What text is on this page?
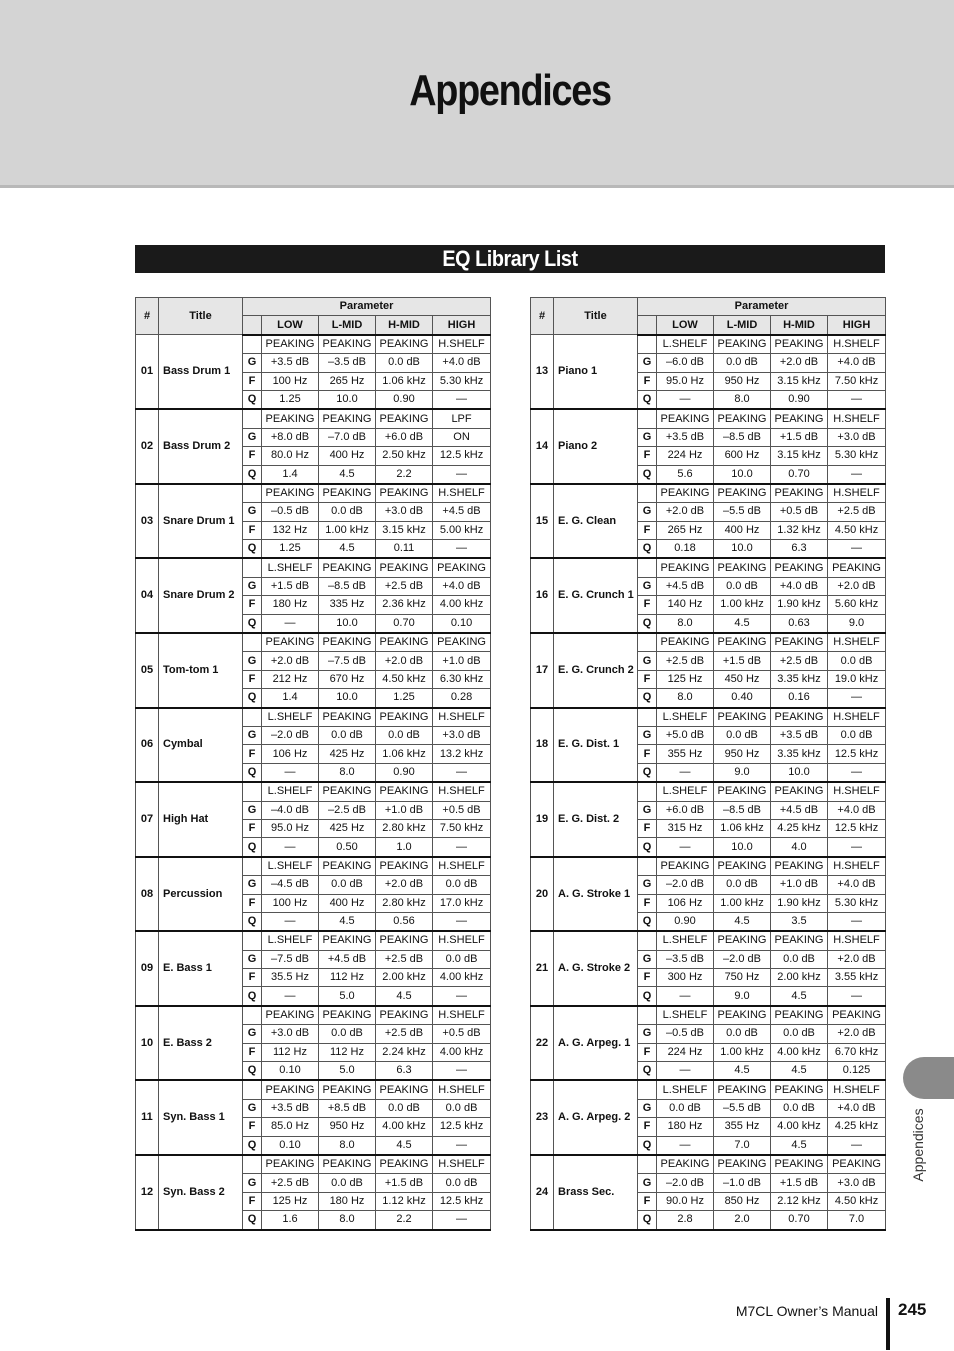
Appendices
EQ Library List
#	Title	Parameter				
			LOW	L-MID	H-MID	HIGH
01	Bass Drum 1		PEAKING	PEAKING	PEAKING	H.SHELF
		G	+3.5 dB	–3.5 dB	0.0 dB	+4.0 dB
		F	100 Hz	265 Hz	1.06 kHz	5.30 kHz
		Q	1.25	10.0	0.90	—
02	Bass Drum 2		PEAKING	PEAKING	PEAKING	LPF
		G	+8.0 dB	–7.0 dB	+6.0 dB	ON
		F	80.0 Hz	400 Hz	2.50 kHz	12.5 kHz
		Q	1.4	4.5	2.2	—
03	Snare Drum 1		PEAKING	PEAKING	PEAKING	H.SHELF
		G	–0.5 dB	0.0 dB	+3.0 dB	+4.5 dB
		F	132 Hz	1.00 kHz	3.15 kHz	5.00 kHz
		Q	1.25	4.5	0.11	—
04	Snare Drum 2		L.SHELF	PEAKING	PEAKING	PEAKING
		G	+1.5 dB	–8.5 dB	+2.5 dB	+4.0 dB
		F	180 Hz	335 Hz	2.36 kHz	4.00 kHz
		Q	—	10.0	0.70	0.10
05	Tom-tom 1		PEAKING	PEAKING	PEAKING	PEAKING
		G	+2.0 dB	–7.5 dB	+2.0 dB	+1.0 dB
		F	212 Hz	670 Hz	4.50 kHz	6.30 kHz
		Q	1.4	10.0	1.25	0.28
06	Cymbal		L.SHELF	PEAKING	PEAKING	H.SHELF
		G	–2.0 dB	0.0 dB	0.0 dB	+3.0 dB
		F	106 Hz	425 Hz	1.06 kHz	13.2 kHz
		Q	—	8.0	0.90	—
07	High Hat		L.SHELF	PEAKING	PEAKING	H.SHELF
		G	–4.0 dB	–2.5 dB	+1.0 dB	+0.5 dB
		F	95.0 Hz	425 Hz	2.80 kHz	7.50 kHz
		Q	—	0.50	1.0	—
08	Percussion		L.SHELF	PEAKING	PEAKING	H.SHELF
		G	–4.5 dB	0.0 dB	+2.0 dB	0.0 dB
		F	100 Hz	400 Hz	2.80 kHz	17.0 kHz
		Q	—	4.5	0.56	—
09	E. Bass 1		L.SHELF	PEAKING	PEAKING	H.SHELF
		G	–7.5 dB	+4.5 dB	+2.5 dB	0.0 dB
		F	35.5 Hz	112 Hz	2.00 kHz	4.00 kHz
		Q	—	5.0	4.5	—
10	E. Bass 2		PEAKING	PEAKING	PEAKING	H.SHELF
		G	+3.0 dB	0.0 dB	+2.5 dB	+0.5 dB
		F	112 Hz	112 Hz	2.24 kHz	4.00 kHz
		Q	0.10	5.0	6.3	—
11	Syn. Bass 1		PEAKING	PEAKING	PEAKING	H.SHELF
		G	+3.5 dB	+8.5 dB	0.0 dB	0.0 dB
		F	85.0 Hz	950 Hz	4.00 kHz	12.5 kHz
		Q	0.10	8.0	4.5	—
12	Syn. Bass 2		PEAKING	PEAKING	PEAKING	H.SHELF
		G	+2.5 dB	0.0 dB	+1.5 dB	0.0 dB
		F	125 Hz	180 Hz	1.12 kHz	12.5 kHz
		Q	1.6	8.0	2.2	—
#	Title	Parameter				
			LOW	L-MID	H-MID	HIGH
13	Piano 1		L.SHELF	PEAKING	PEAKING	H.SHELF
		G	–6.0 dB	0.0 dB	+2.0 dB	+4.0 dB
		F	95.0 Hz	950 Hz	3.15 kHz	7.50 kHz
		Q	—	8.0	0.90	—
14	Piano 2		PEAKING	PEAKING	PEAKING	H.SHELF
		G	+3.5 dB	–8.5 dB	+1.5 dB	+3.0 dB
		F	224 Hz	600 Hz	3.15 kHz	5.30 kHz
		Q	5.6	10.0	0.70	—
15	E. G. Clean		PEAKING	PEAKING	PEAKING	H.SHELF
		G	+2.0 dB	–5.5 dB	+0.5 dB	+2.5 dB
		F	265 Hz	400 Hz	1.32 kHz	4.50 kHz
		Q	0.18	10.0	6.3	—
16	E. G. Crunch 1		PEAKING	PEAKING	PEAKING	PEAKING
		G	+4.5 dB	0.0 dB	+4.0 dB	+2.0 dB
		F	140 Hz	1.00 kHz	1.90 kHz	5.60 kHz
		Q	8.0	4.5	0.63	9.0
17	E. G. Crunch 2		PEAKING	PEAKING	PEAKING	H.SHELF
		G	+2.5 dB	+1.5 dB	+2.5 dB	0.0 dB
		F	125 Hz	450 Hz	3.35 kHz	19.0 kHz
		Q	8.0	0.40	0.16	—
18	E. G. Dist. 1		L.SHELF	PEAKING	PEAKING	H.SHELF
		G	+5.0 dB	0.0 dB	+3.5 dB	0.0 dB
		F	355 Hz	950 Hz	3.35 kHz	12.5 kHz
		Q	—	9.0	10.0	—
19	E. G. Dist. 2		L.SHELF	PEAKING	PEAKING	H.SHELF
		G	+6.0 dB	–8.5 dB	+4.5 dB	+4.0 dB
		F	315 Hz	1.06 kHz	4.25 kHz	12.5 kHz
		Q	—	10.0	4.0	—
20	A. G. Stroke 1		PEAKING	PEAKING	PEAKING	H.SHELF
		G	–2.0 dB	0.0 dB	+1.0 dB	+4.0 dB
		F	106 Hz	1.00 kHz	1.90 kHz	5.30 kHz
		Q	0.90	4.5	3.5	—
21	A. G. Stroke 2		L.SHELF	PEAKING	PEAKING	H.SHELF
		G	–3.5 dB	–2.0 dB	0.0 dB	+2.0 dB
		F	300 Hz	750 Hz	2.00 kHz	3.55 kHz
		Q	—	9.0	4.5	—
22	A. G. Arpeg. 1		L.SHELF	PEAKING	PEAKING	PEAKING
		G	–0.5 dB	0.0 dB	0.0 dB	+2.0 dB
		F	224 Hz	1.00 kHz	4.00 kHz	6.70 kHz
		Q	—	4.5	4.5	0.125
23	A. G. Arpeg. 2		L.SHELF	PEAKING	PEAKING	H.SHELF
		G	0.0 dB	–5.5 dB	0.0 dB	+4.0 dB
		F	180 Hz	355 Hz	4.00 kHz	4.25 kHz
		Q	—	7.0	4.5	—
24	Brass Sec.		PEAKING	PEAKING	PEAKING	PEAKING
		G	–2.0 dB	–1.0 dB	+1.5 dB	+3.0 dB
		F	90.0 Hz	850 Hz	2.12 kHz	4.50 kHz
		Q	2.8	2.0	0.70	7.0
Appendices
M7CL Owner’s Manual 245
